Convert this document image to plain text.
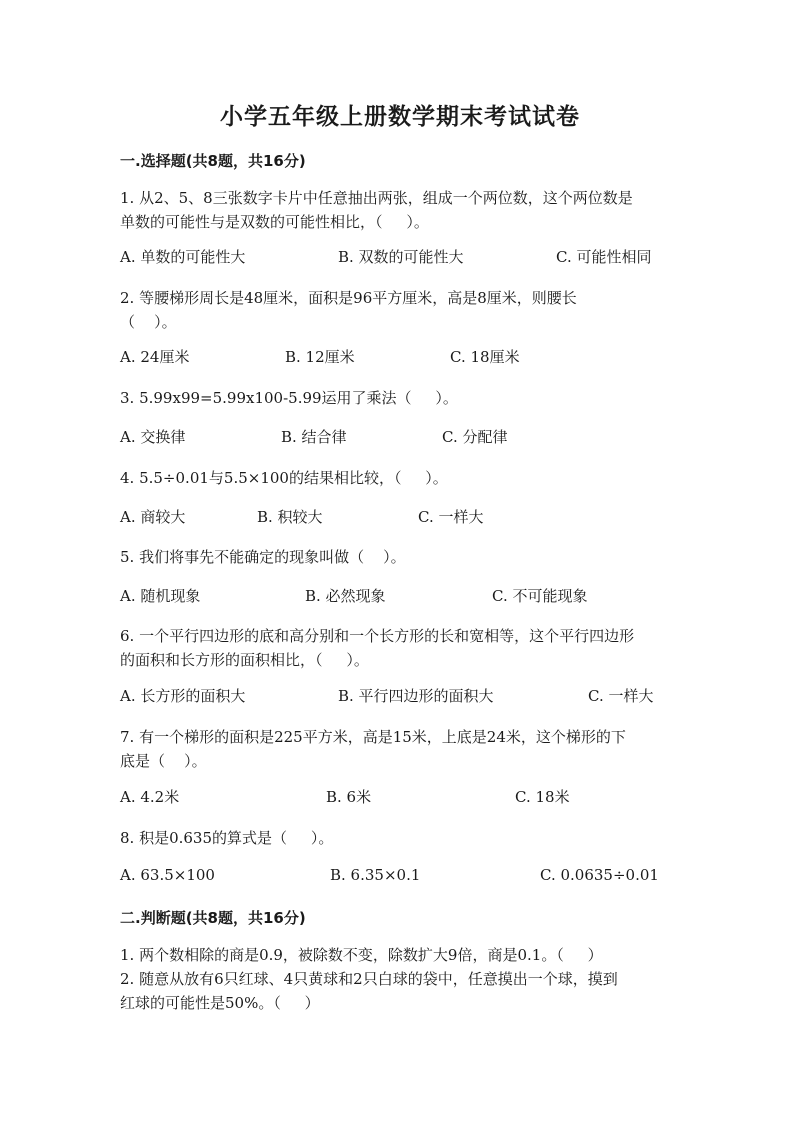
小学五年级上册数学期末考试试卷
一.选择题(共8题，共16分)
1. 从2、5、8三张数字卡片中任意抽出两张，组成一个两位数，这个两位数是
单数的可能性与是双数的可能性相比，（     ）。
A. 单数的可能性大	B. 双数的可能性大	C. 可能性相同
2. 等腰梯形周长是48厘米，面积是96平方厘米，高是8厘米，则腰长
（    ）。
A. 24厘米	B. 12厘米	C. 18厘米
3. 5.99x99=5.99x100-5.99运用了乘法（     ）。
A. 交换律	B. 结合律	C. 分配律
4. 5.5÷0.01与5.5×100的结果相比较，（     ）。
A. 商较大	B. 积较大	C. 一样大
5. 我们将事先不能确定的现象叫做（    ）。
A. 随机现象	B. 必然现象	C. 不可能现象
6. 一个平行四边形的底和高分别和一个长方形的长和宽相等，这个平行四边形
的面积和长方形的面积相比，（     ）。
A. 长方形的面积大	B. 平行四边形的面积大	C. 一样大
7. 有一个梯形的面积是225平方米，高是15米，上底是24米，这个梯形的下
底是（    ）。
A. 4.2米	B. 6米	C. 18米
8. 积是0.635的算式是（     ）。
A. 63.5×100	B. 6.35×0.1	C. 0.0635÷0.01
二.判断题(共8题，共16分)
1. 两个数相除的商是0.9，被除数不变，除数扩大9倍，商是0.1。（     ）
2. 随意从放有6只红球、4只黄球和2只白球的袋中，任意摸出一个球，摸到
红球的可能性是50%。（     ）
